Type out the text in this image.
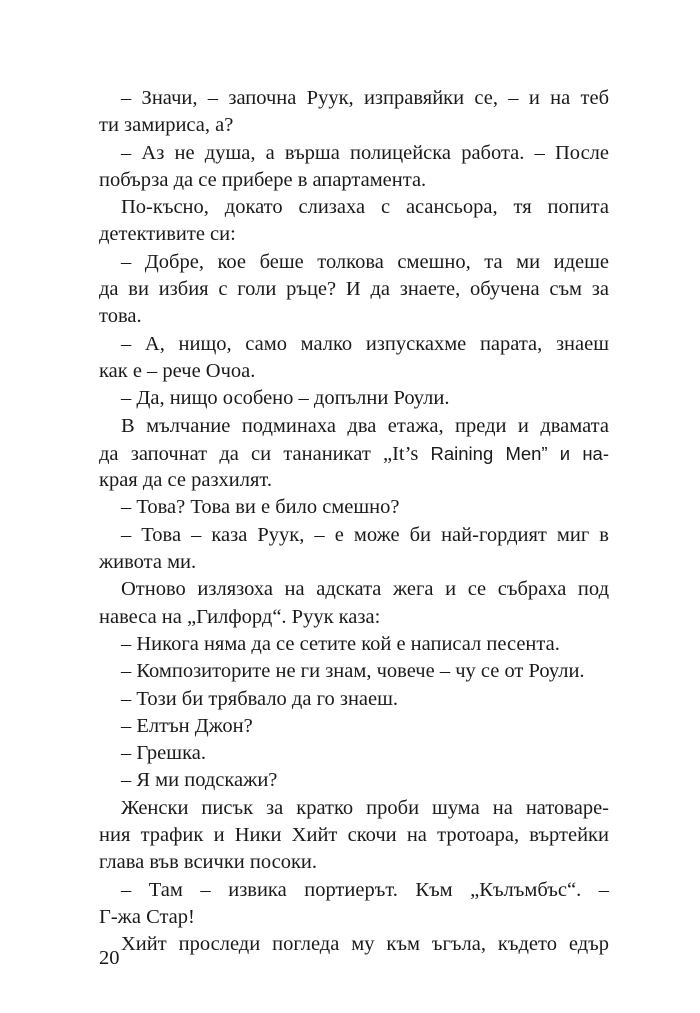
– Значи, – започна Руук, изправяйки се, – и на теб
ти замириса, а?
– Аз не душа, а върша полицейска работа. – После
побърза да се прибере в апартамента.
По-късно, докато слизаха с асансьора, тя попита
детективите си:
– Добре, кое беше толкова смешно, та ми идеше
да ви избия с голи ръце? И да знаете, обучена съм за
това.
– А, нищо, само малко изпускахме парата, знаеш
как е – рече Очоа.
– Да, нищо особено – допълни Роули.
В мълчание подминаха два етажа, преди и двамата
да започнат да си тананикат „It’s Raining Men” и на-
края да се разхилят.
– Това? Това ви е било смешно?
– Това – каза Руук, – е може би най-гордият миг в
живота ми.
Отново излязоха на адската жега и се събраха под
навеса на „Гилфорд“. Руук каза:
– Никога няма да се сетите кой е написал песента.
– Композиторите не ги знам, човече – чу се от Роули.
– Този би трябвало да го знаеш.
– Елтън Джон?
– Грешка.
– Я ми подскажи?
Женски писък за кратко проби шума на натоваре-
ния трафик и Ники Хийт скочи на тротоара, въртейки
глава във всички посоки.
– Там – извика портиерът. Към „Кълъмбъс“. –
Г-жа Стар!
Хийт проследи погледа му към ъгъла, където едър
20
